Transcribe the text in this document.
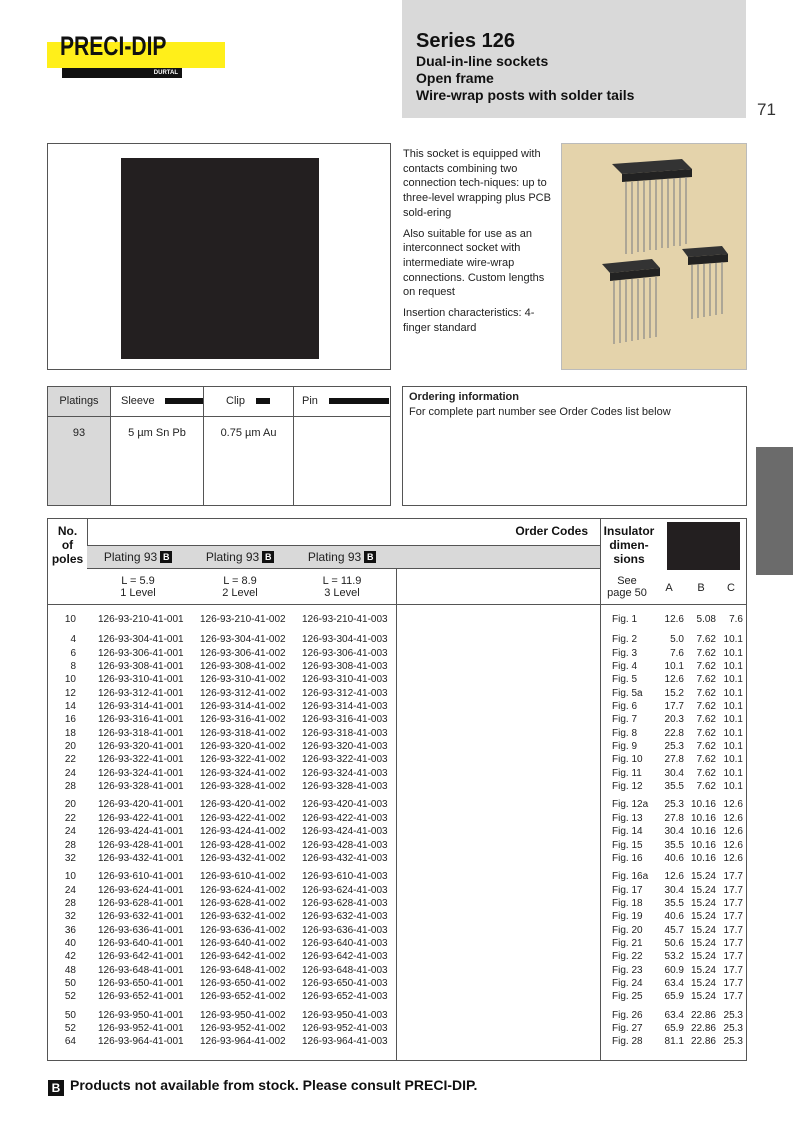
PRECI-DIP
DURTAL
Series 126
Dual-in-line sockets
Open frame
Wire-wrap posts with solder tails
71

This socket is equipped with contacts combining two connection tech-niques: up to three-level wrapping plus PCB sold-ering

Also suitable for use as an interconnect socket with intermediate wire-wrap connections. Custom lengths on request

Insertion characteristics: 4-finger standard

Platings	Sleeve	Clip	Pin
93	5 µm Sn Pb	0.75 µm Au
Ordering information
For complete part number see Order Codes list below
No.
of
poles
Order Codes	Insulator
dimen-
sions
Plating 93 B	Plating 93 B	Plating 93 B
L = 5.9
1 Level
L = 8.9
2 Level
L = 11.9
3 Level
See
page 50	A	B	C
10 126-93-210-41-001 126-93-210-41-002 126-93-210-41-003	Fig. 1	12.6	5.08	7.6
4 126-93-304-41-001 126-93-304-41-002 126-93-304-41-003	Fig. 2	5.0	7.62 10.1
6 126-93-306-41-001 126-93-306-41-002 126-93-306-41-003	Fig. 3	7.6	7.62 10.1
8 126-93-308-41-001 126-93-308-41-002 126-93-308-41-003	Fig. 4	10.1	7.62 10.1
10 126-93-310-41-001 126-93-310-41-002 126-93-310-41-003	Fig. 5	12.6	7.62 10.1
12 126-93-312-41-001 126-93-312-41-002 126-93-312-41-003	Fig. 5a	15.2	7.62 10.1
14 126-93-314-41-001 126-93-314-41-002 126-93-314-41-003	Fig. 6	17.7	7.62 10.1
16 126-93-316-41-001 126-93-316-41-002 126-93-316-41-003	Fig. 7	20.3	7.62 10.1
18 126-93-318-41-001 126-93-318-41-002 126-93-318-41-003	Fig. 8	22.8	7.62 10.1
20 126-93-320-41-001 126-93-320-41-002 126-93-320-41-003	Fig. 9	25.3	7.62 10.1
22 126-93-322-41-001 126-93-322-41-002 126-93-322-41-003	Fig. 10	27.8	7.62 10.1
24 126-93-324-41-001 126-93-324-41-002 126-93-324-41-003	Fig. 11	30.4	7.62 10.1
28 126-93-328-41-001 126-93-328-41-002 126-93-328-41-003	Fig. 12	35.5	7.62 10.1
20 126-93-420-41-001 126-93-420-41-002 126-93-420-41-003	Fig. 12a	25.3 10.16 12.6
22 126-93-422-41-001 126-93-422-41-002 126-93-422-41-003	Fig. 13	27.8 10.16 12.6
24 126-93-424-41-001 126-93-424-41-002 126-93-424-41-003	Fig. 14	30.4 10.16 12.6
28 126-93-428-41-001 126-93-428-41-002 126-93-428-41-003	Fig. 15	35.5 10.16 12.6
32 126-93-432-41-001 126-93-432-41-002 126-93-432-41-003	Fig. 16	40.6 10.16 12.6
10 126-93-610-41-001 126-93-610-41-002 126-93-610-41-003	Fig. 16a	12.6 15.24 17.7
24 126-93-624-41-001 126-93-624-41-002 126-93-624-41-003	Fig. 17	30.4 15.24 17.7
28 126-93-628-41-001 126-93-628-41-002 126-93-628-41-003	Fig. 18	35.5 15.24 17.7
32 126-93-632-41-001 126-93-632-41-002 126-93-632-41-003	Fig. 19	40.6 15.24 17.7
36 126-93-636-41-001 126-93-636-41-002 126-93-636-41-003	Fig. 20	45.7 15.24 17.7
40 126-93-640-41-001 126-93-640-41-002 126-93-640-41-003	Fig. 21	50.6 15.24 17.7
42 126-93-642-41-001 126-93-642-41-002 126-93-642-41-003	Fig. 22	53.2 15.24 17.7
48 126-93-648-41-001 126-93-648-41-002 126-93-648-41-003	Fig. 23	60.9 15.24 17.7
50 126-93-650-41-001 126-93-650-41-002 126-93-650-41-003	Fig. 24	63.4 15.24 17.7
52 126-93-652-41-001 126-93-652-41-002 126-93-652-41-003	Fig. 25	65.9 15.24 17.7
50 126-93-950-41-001 126-93-950-41-002 126-93-950-41-003	Fig. 26	63.4 22.86 25.3
52 126-93-952-41-001 126-93-952-41-002 126-93-952-41-003	Fig. 27	65.9 22.86 25.3
64 126-93-964-41-001 126-93-964-41-002 126-93-964-41-003	Fig. 28	81.1 22.86 25.3
B Products not available from stock. Please consult PRECI-DIP.
